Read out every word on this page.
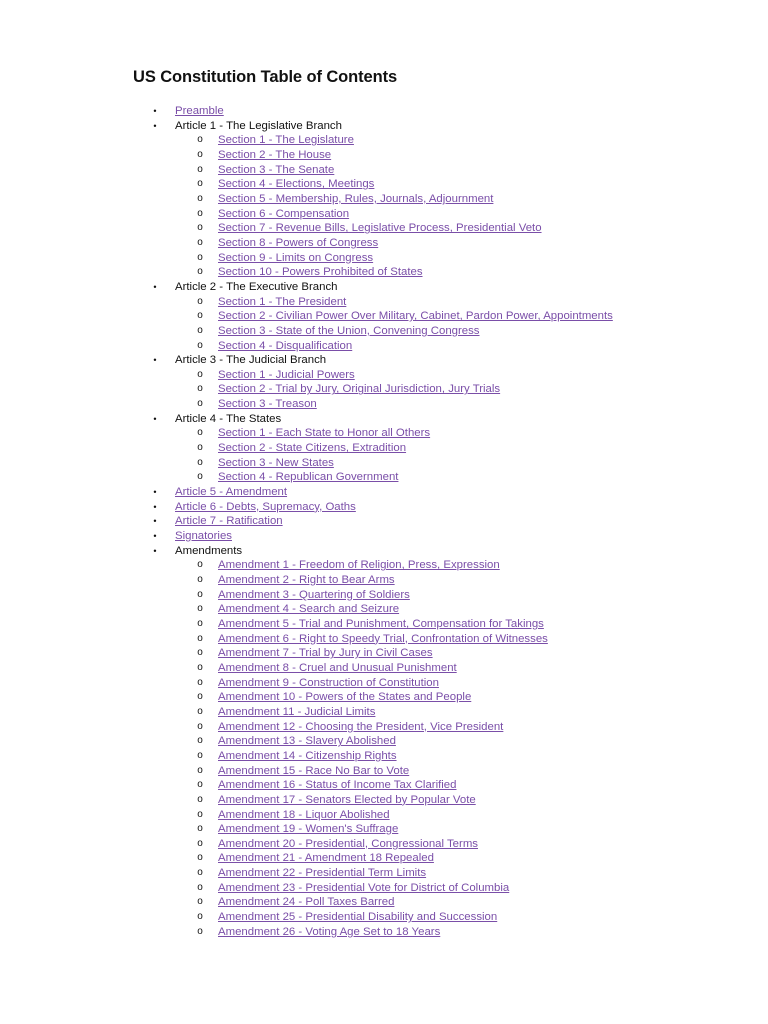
US Constitution Table of Contents
•	Preamble
•	Article 1 - The Legislative Branch
o	Section 1 - The Legislature
o	Section 2 - The House
o	Section 3 - The Senate
o	Section 4 - Elections, Meetings
o	Section 5 - Membership, Rules, Journals, Adjournment
o	Section 6 - Compensation
o	Section 7 - Revenue Bills, Legislative Process, Presidential Veto
o	Section 8 - Powers of Congress
o	Section 9 - Limits on Congress
o	Section 10 - Powers Prohibited of States
•	Article 2 - The Executive Branch
o	Section 1 - The President
o	Section 2 - Civilian Power Over Military, Cabinet, Pardon Power, Appointments
o	Section 3 - State of the Union, Convening Congress
o	Section 4 - Disqualification
•	Article 3 - The Judicial Branch
o	Section 1 - Judicial Powers
o	Section 2 - Trial by Jury, Original Jurisdiction, Jury Trials
o	Section 3 - Treason
•	Article 4 - The States
o	Section 1 - Each State to Honor all Others
o	Section 2 - State Citizens, Extradition
o	Section 3 - New States
o	Section 4 - Republican Government
•	Article 5 - Amendment
•	Article 6 - Debts, Supremacy, Oaths
•	Article 7 - Ratification
•	Signatories
•	Amendments
o	Amendment 1 - Freedom of Religion, Press, Expression
o	Amendment 2 - Right to Bear Arms
o	Amendment 3 - Quartering of Soldiers
o	Amendment 4 - Search and Seizure
o	Amendment 5 - Trial and Punishment, Compensation for Takings
o	Amendment 6 - Right to Speedy Trial, Confrontation of Witnesses
o	Amendment 7 - Trial by Jury in Civil Cases
o	Amendment 8 - Cruel and Unusual Punishment
o	Amendment 9 - Construction of Constitution
o	Amendment 10 - Powers of the States and People
o	Amendment 11 - Judicial Limits
o	Amendment 12 - Choosing the President, Vice President
o	Amendment 13 - Slavery Abolished
o	Amendment 14 - Citizenship Rights
o	Amendment 15 - Race No Bar to Vote
o	Amendment 16 - Status of Income Tax Clarified
o	Amendment 17 - Senators Elected by Popular Vote
o	Amendment 18 - Liquor Abolished
o	Amendment 19 - Women's Suffrage
o	Amendment 20 - Presidential, Congressional Terms
o	Amendment 21 - Amendment 18 Repealed
o	Amendment 22 - Presidential Term Limits
o	Amendment 23 - Presidential Vote for District of Columbia
o	Amendment 24 - Poll Taxes Barred
o	Amendment 25 - Presidential Disability and Succession
o	Amendment 26 - Voting Age Set to 18 Years
